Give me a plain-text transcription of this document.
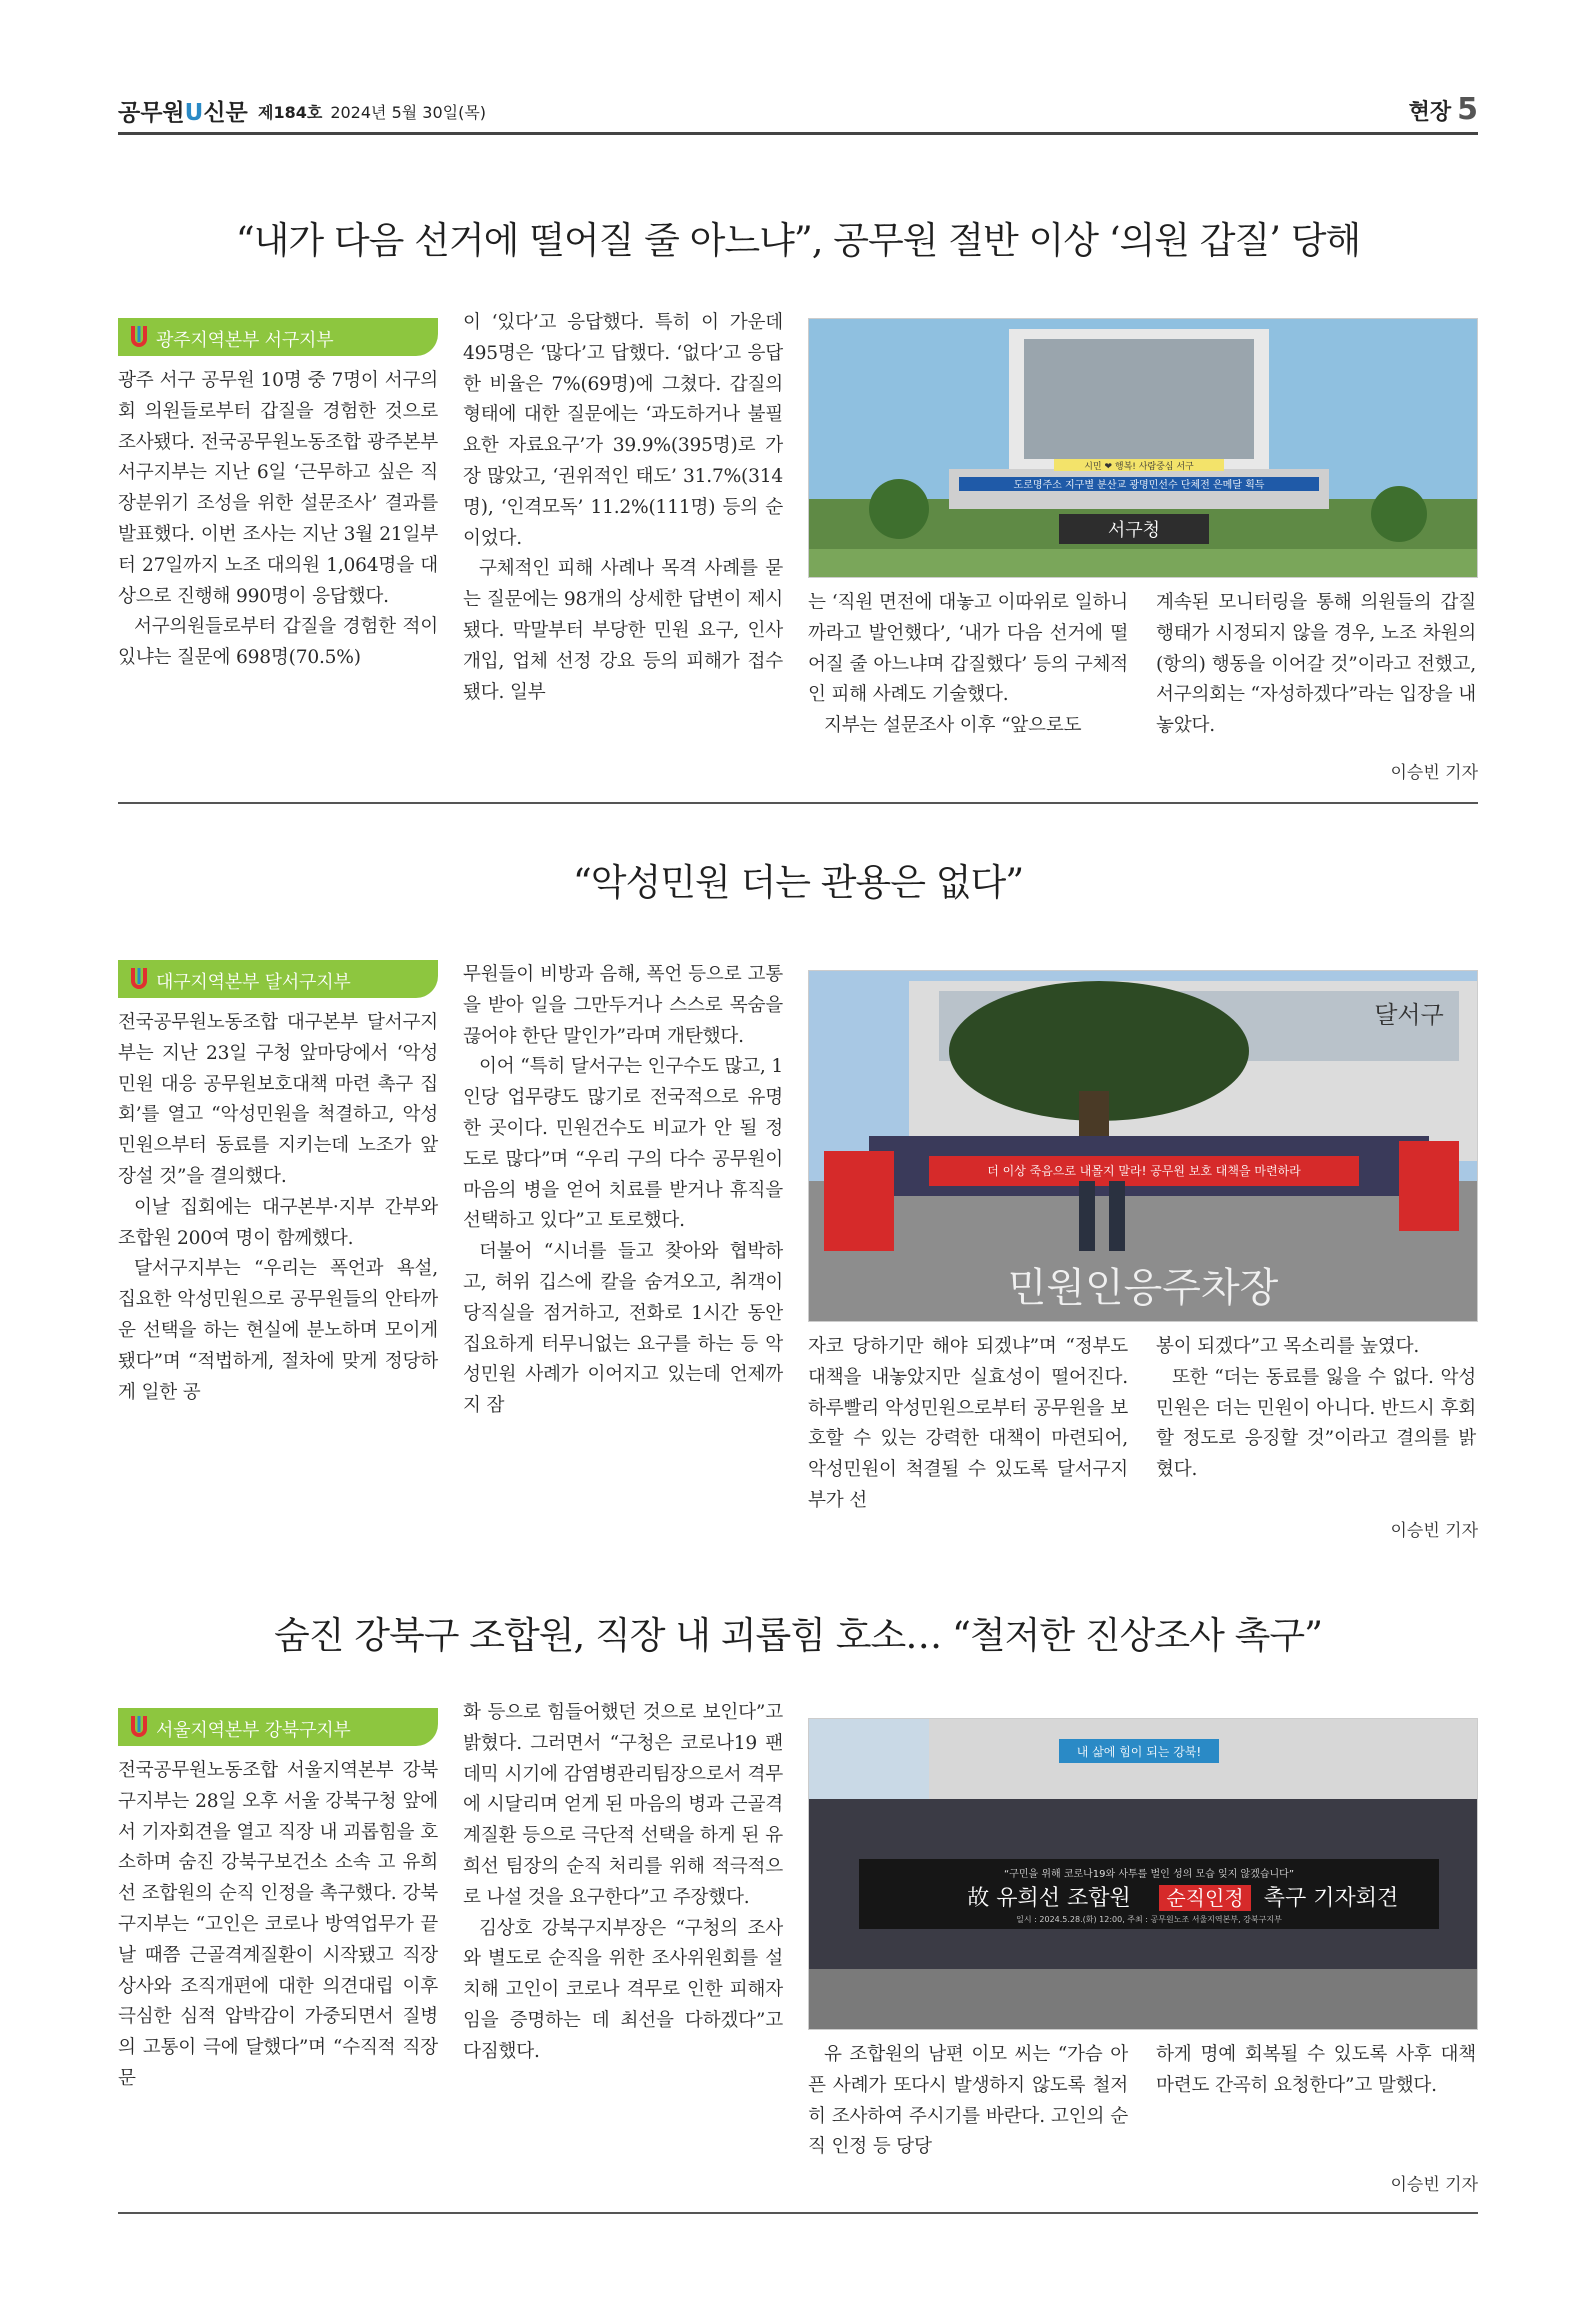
공무원U신문 제184호 2024년 5월 30일(목)	현장 5
“내가 다음 선거에 떨어질 줄 아느냐”, 공무원 절반 이상 ‘의원 갑질’ 당해
광주지역본부 서구지부

광주 서구 공무원 10명 중 7명이 서구의회 의원들로부터 갑질을 경험한 것으로 조사됐다. 전국공무원노동조합 광주본부 서구지부는 지난 6일 ‘근무하고 싶은 직장분위기 조성을 위한 설문조사’ 결과를 발표했다. 이번 조사는 지난 3월 21일부터 27일까지 노조 대의원 1,064명을 대상으로 진행해 990명이 응답했다.

서구의원들로부터 갑질을 경험한 적이 있냐는 질문에 698명(70.5%)

이 ‘있다’고 응답했다. 특히 이 가운데 495명은 ‘많다’고 답했다. ‘없다’고 응답한 비율은 7%(69명)에 그쳤다. 갑질의 형태에 대한 질문에는 ‘과도하거나 불필요한 자료요구’가 39.9%(395명)로 가장 많았고, ‘권위적인 태도’ 31.7%(314명), ‘인격모독’ 11.2%(111명) 등의 순이었다.

구체적인 피해 사례나 목격 사례를 묻는 질문에는 98개의 상세한 답변이 제시됐다. 막말부터 부당한 민원 요구, 인사 개입, 업체 선정 강요 등의 피해가 접수됐다. 일부

도로명주소 지구별 분산교 광명민선수 단체전 은메달 획득
시민 ❤ 행복! 사람중심 서구
서구청

는 ‘직원 면전에 대놓고 이따위로 일하니까라고 발언했다’, ‘내가 다음 선거에 떨어질 줄 아느냐며 갑질했다’ 등의 구체적인 피해 사례도 기술했다.

지부는 설문조사 이후 “앞으로도

계속된 모니터링을 통해 의원들의 갑질 행태가 시정되지 않을 경우, 노조 차원의 (항의) 행동을 이어갈 것”이라고 전했고, 서구의회는 “자성하겠다”라는 입장을 내놓았다.

이승빈 기자
“악성민원 더는 관용은 없다”
대구지역본부 달서구지부

전국공무원노동조합 대구본부 달서구지부는 지난 23일 구청 앞마당에서 ‘악성민원 대응 공무원보호대책 마련 촉구 집회’를 열고 “악성민원을 척결하고, 악성민원으부터 동료를 지키는데 노조가 앞장설 것”을 결의했다.

이날 집회에는 대구본부·지부 간부와 조합원 200여 명이 함께했다.

달서구지부는 “우리는 폭언과 욕설, 집요한 악성민원으로 공무원들의 안타까운 선택을 하는 현실에 분노하며 모이게 됐다”며 “적법하게, 절차에 맞게 정당하게 일한 공

무원들이 비방과 음해, 폭언 등으로 고통을 받아 일을 그만두거나 스스로 목숨을 끊어야 한단 말인가”라며 개탄했다.

이어 “특히 달서구는 인구수도 많고, 1인당 업무량도 많기로 전국적으로 유명한 곳이다. 민원건수도 비교가 안 될 정도로 많다”며 “우리 구의 다수 공무원이 마음의 병을 얻어 치료를 받거나 휴직을 선택하고 있다”고 토로했다.

더불어 “시너를 들고 찾아와 협박하고, 허위 깁스에 칼을 숨겨오고, 취객이 당직실을 점거하고, 전화로 1시간 동안 집요하게 터무니없는 요구를 하는 등 악성민원 사례가 이어지고 있는데 언제까지 잠

달서구
더 이상 죽음으로 내몰지 말라! 공무원 보호 대책을 마련하라
민원인응주차장

자코 당하기만 해야 되겠냐”며 “정부도 대책을 내놓았지만 실효성이 떨어진다. 하루빨리 악성민원으로부터 공무원을 보호할 수 있는 강력한 대책이 마련되어, 악성민원이 척결될 수 있도록 달서구지부가 선

봉이 되겠다”고 목소리를 높였다.

또한 “더는 동료를 잃을 수 없다. 악성민원은 더는 민원이 아니다. 반드시 후회할 정도로 응징할 것”이라고 결의를 밝혔다.

이승빈 기자
숨진 강북구 조합원, 직장 내 괴롭힘 호소… “철저한 진상조사 촉구”
서울지역본부 강북구지부

전국공무원노동조합 서울지역본부 강북구지부는 28일 오후 서울 강북구청 앞에서 기자회견을 열고 직장 내 괴롭힘을 호소하며 숨진 강북구보건소 소속 고 유희선 조합원의 순직 인정을 촉구했다. 강북구지부는 “고인은 코로나 방역업무가 끝날 때쯤 근골격계질환이 시작됐고 직장 상사와 조직개편에 대한 의견대립 이후 극심한 심적 압박감이 가중되면서 질병의 고통이 극에 달했다”며 “수직적 직장 문

화 등으로 힘들어했던 것으로 보인다”고 밝혔다. 그러면서 “구청은 코로나19 팬데믹 시기에 감염병관리팀장으로서 격무에 시달리며 얻게 된 마음의 병과 근골격계질환 등으로 극단적 선택을 하게 된 유희선 팀장의 순직 처리를 위해 적극적으로 나설 것을 요구한다”고 주장했다.

김상호 강북구지부장은 “구청의 조사와 별도로 순직을 위한 조사위원회를 설치해 고인이 코로나 격무로 인한 피해자임을 증명하는 데 최선을 다하겠다”고 다짐했다.

내 삶에 힘이 되는 강북!
“구민을 위해 코로나19와 사투를 벌인 성의 모습 잊지 않겠습니다”
故 유희선 조합원 순직인정 촉구 기자회견
일시 : 2024.5.28.(화) 12:00, 주최 : 공무원노조 서울지역본부, 강북구지부

유 조합원의 남편 이모 씨는 “가슴 아픈 사례가 또다시 발생하지 않도록 철저히 조사하여 주시기를 바란다. 고인의 순직 인정 등 당당

하게 명예 회복될 수 있도록 사후 대책 마련도 간곡히 요청한다”고 말했다.

이승빈 기자
